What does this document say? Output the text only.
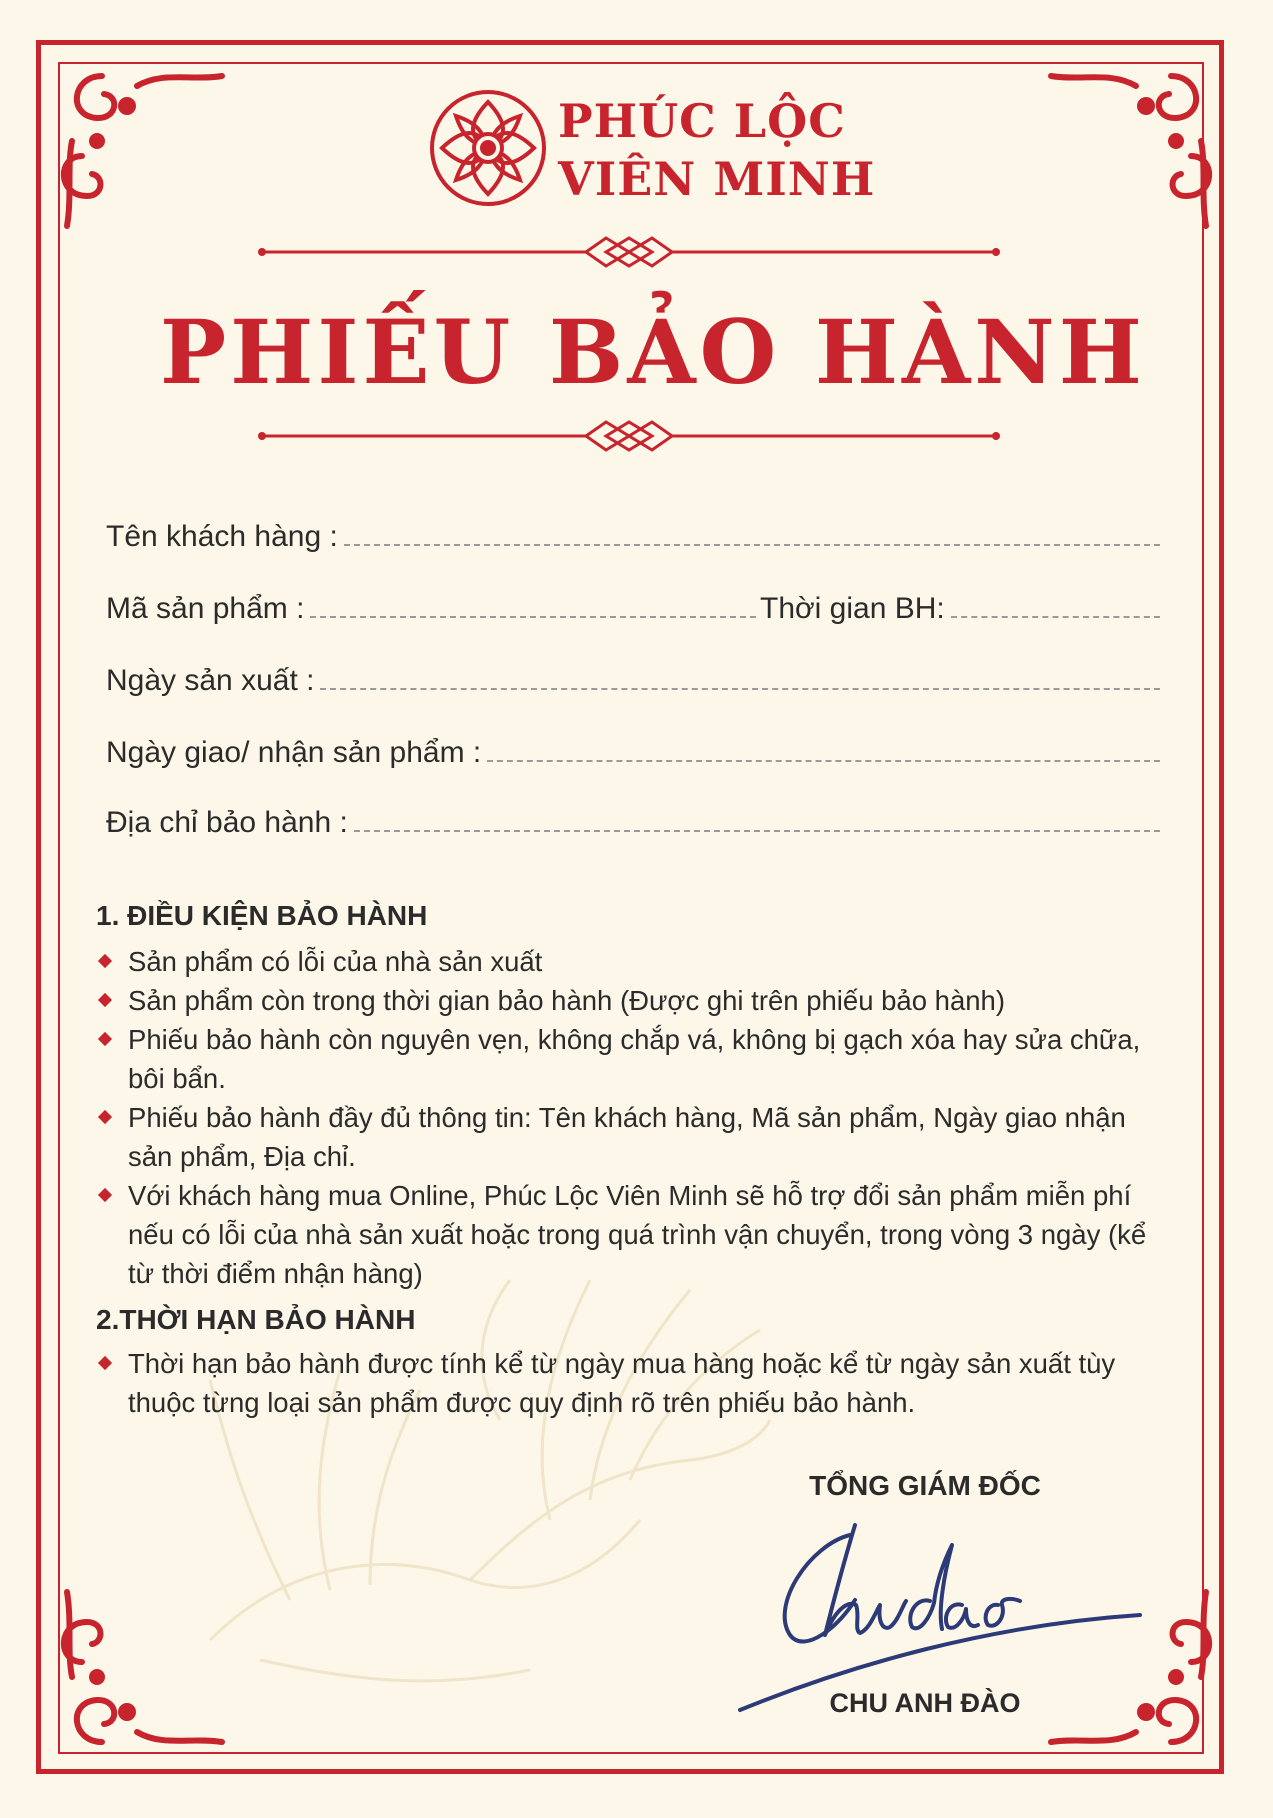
PHÚC LỘC
VIÊN MINH
PHIẾU BẢO HÀNH
Tên khách hàng :
Mã sản phẩm :	Thời gian BH:
Ngày sản xuất :
Ngày giao/ nhận sản phẩm :
Địa chỉ bảo hành :
1. ĐIỀU KIỆN BẢO HÀNH
Sản phẩm có lỗi của nhà sản xuất
Sản phẩm còn trong thời gian bảo hành (Được ghi trên phiếu bảo hành)
Phiếu bảo hành còn nguyên vẹn, không chắp vá, không bị gạch xóa hay sửa chữa, bôi bẩn.
Phiếu bảo hành đầy đủ thông tin: Tên khách hàng, Mã sản phẩm, Ngày giao nhận sản phẩm, Địa chỉ.
Với khách hàng mua Online, Phúc Lộc Viên Minh sẽ hỗ trợ đổi sản phẩm miễn phí nếu có lỗi của nhà sản xuất hoặc trong quá trình vận chuyển, trong vòng 3 ngày (kể từ thời điểm nhận hàng)
2.THỜI HẠN BẢO HÀNH
Thời hạn bảo hành được tính kể từ ngày mua hàng hoặc kể từ ngày sản xuất tùy thuộc từng loại sản phẩm được quy định rõ trên phiếu bảo hành.
TỔNG GIÁM ĐỐC
CHU ANH ĐÀO
